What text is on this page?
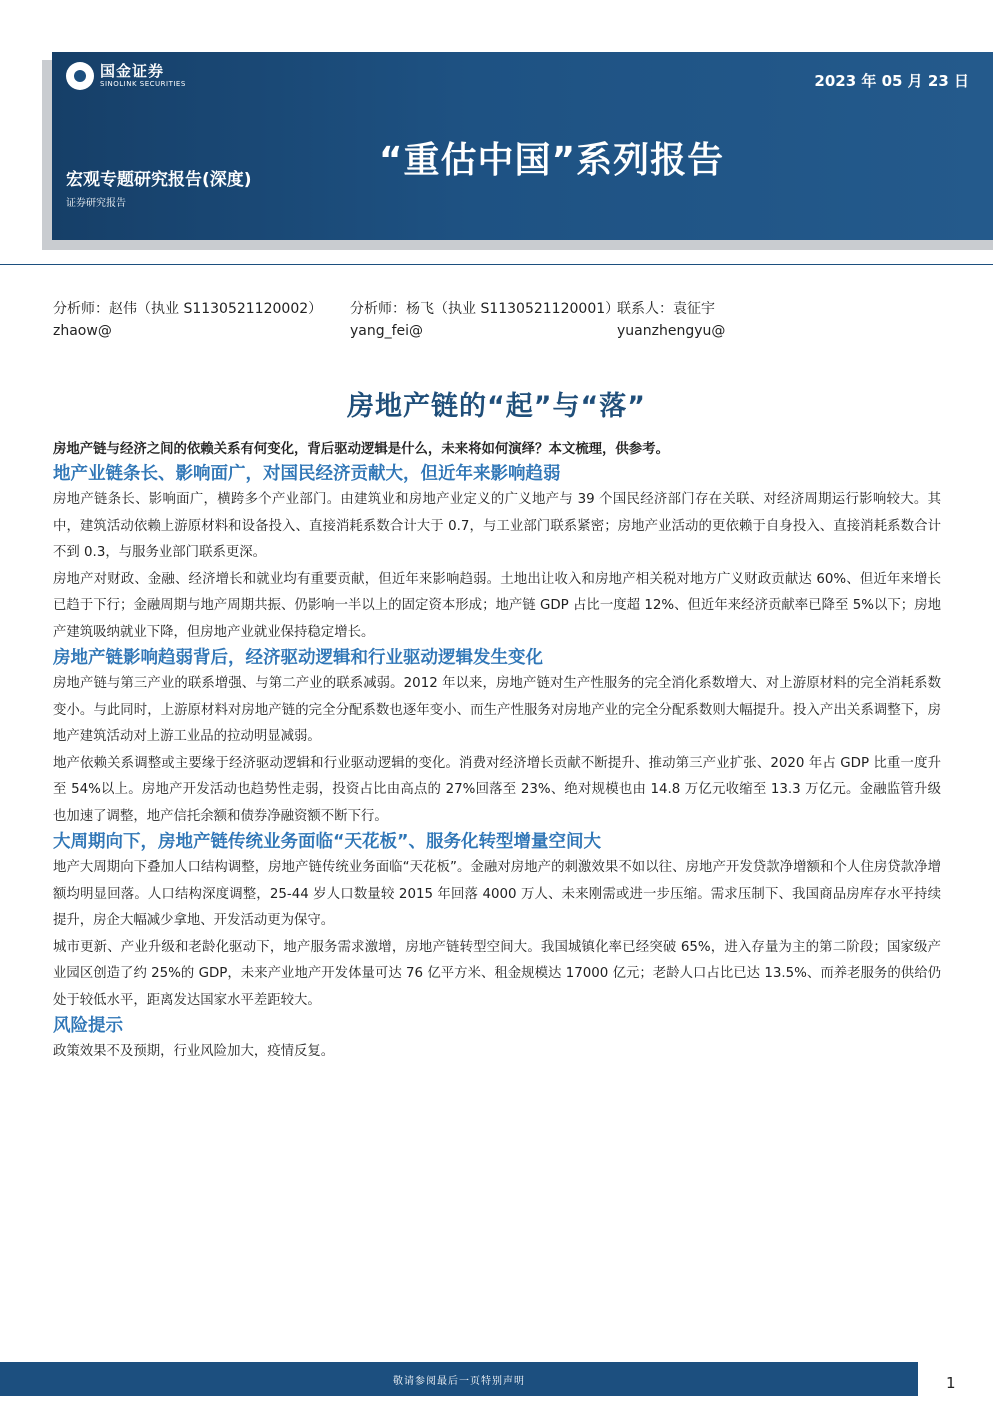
国金证券
SINOLINK SECURITIES	2023 年 05 月 23 日
“重估中国”系列报告
宏观专题研究报告(深度)
证券研究报告
分析师：赵伟（执业 S1130521120002）
zhaow@
分析师：杨飞（执业 S1130521120001）
yang_fei@
联系人：袁征宇
yuanzhengyu@
房地产链的“起”与“落”
房地产链与经济之间的依赖关系有何变化，背后驱动逻辑是什么，未来将如何演绎？本文梳理，供参考。
地产业链条长、影响面广，对国民经济贡献大，但近年来影响趋弱

房地产链条长、影响面广，横跨多个产业部门。由建筑业和房地产业定义的广义地产与 39 个国民经济部门存在关联、对经济周期运行影响较大。其中，建筑活动依赖上游原材料和设备投入、直接消耗系数合计大于 0.7，与工业部门联系紧密；房地产业活动的更依赖于自身投入、直接消耗系数合计不到 0.3，与服务业部门联系更深。

房地产对财政、金融、经济增长和就业均有重要贡献，但近年来影响趋弱。土地出让收入和房地产相关税对地方广义财政贡献达 60%、但近年来增长已趋于下行；金融周期与地产周期共振、仍影响一半以上的固定资本形成；地产链 GDP 占比一度超 12%、但近年来经济贡献率已降至 5%以下；房地产建筑吸纳就业下降，但房地产业就业保持稳定增长。

房地产链影响趋弱背后，经济驱动逻辑和行业驱动逻辑发生变化

房地产链与第三产业的联系增强、与第二产业的联系减弱。2012 年以来，房地产链对生产性服务的完全消化系数增大、对上游原材料的完全消耗系数变小。与此同时，上游原材料对房地产链的完全分配系数也逐年变小、而生产性服务对房地产业的完全分配系数则大幅提升。投入产出关系调整下，房地产建筑活动对上游工业品的拉动明显减弱。

地产依赖关系调整或主要缘于经济驱动逻辑和行业驱动逻辑的变化。消费对经济增长贡献不断提升、推动第三产业扩张、2020 年占 GDP 比重一度升至 54%以上。房地产开发活动也趋势性走弱，投资占比由高点的 27%回落至 23%、绝对规模也由 14.8 万亿元收缩至 13.3 万亿元。金融监管升级也加速了调整，地产信托余额和债券净融资额不断下行。

大周期向下，房地产链传统业务面临“天花板”、服务化转型增量空间大

地产大周期向下叠加人口结构调整，房地产链传统业务面临“天花板”。金融对房地产的刺激效果不如以往、房地产开发贷款净增额和个人住房贷款净增额均明显回落。人口结构深度调整，25-44 岁人口数量较 2015 年回落 4000 万人、未来刚需或进一步压缩。需求压制下、我国商品房库存水平持续提升，房企大幅减少拿地、开发活动更为保守。

城市更新、产业升级和老龄化驱动下，地产服务需求激增，房地产链转型空间大。我国城镇化率已经突破 65%，进入存量为主的第二阶段；国家级产业园区创造了约 25%的 GDP，未来产业地产开发体量可达 76 亿平方米、租金规模达 17000 亿元；老龄人口占比已达 13.5%、而养老服务的供给仍处于较低水平，距离发达国家水平差距较大。

风险提示

政策效果不及预期，行业风险加大，疫情反复。

敬请参阅最后一页特别声明	1
